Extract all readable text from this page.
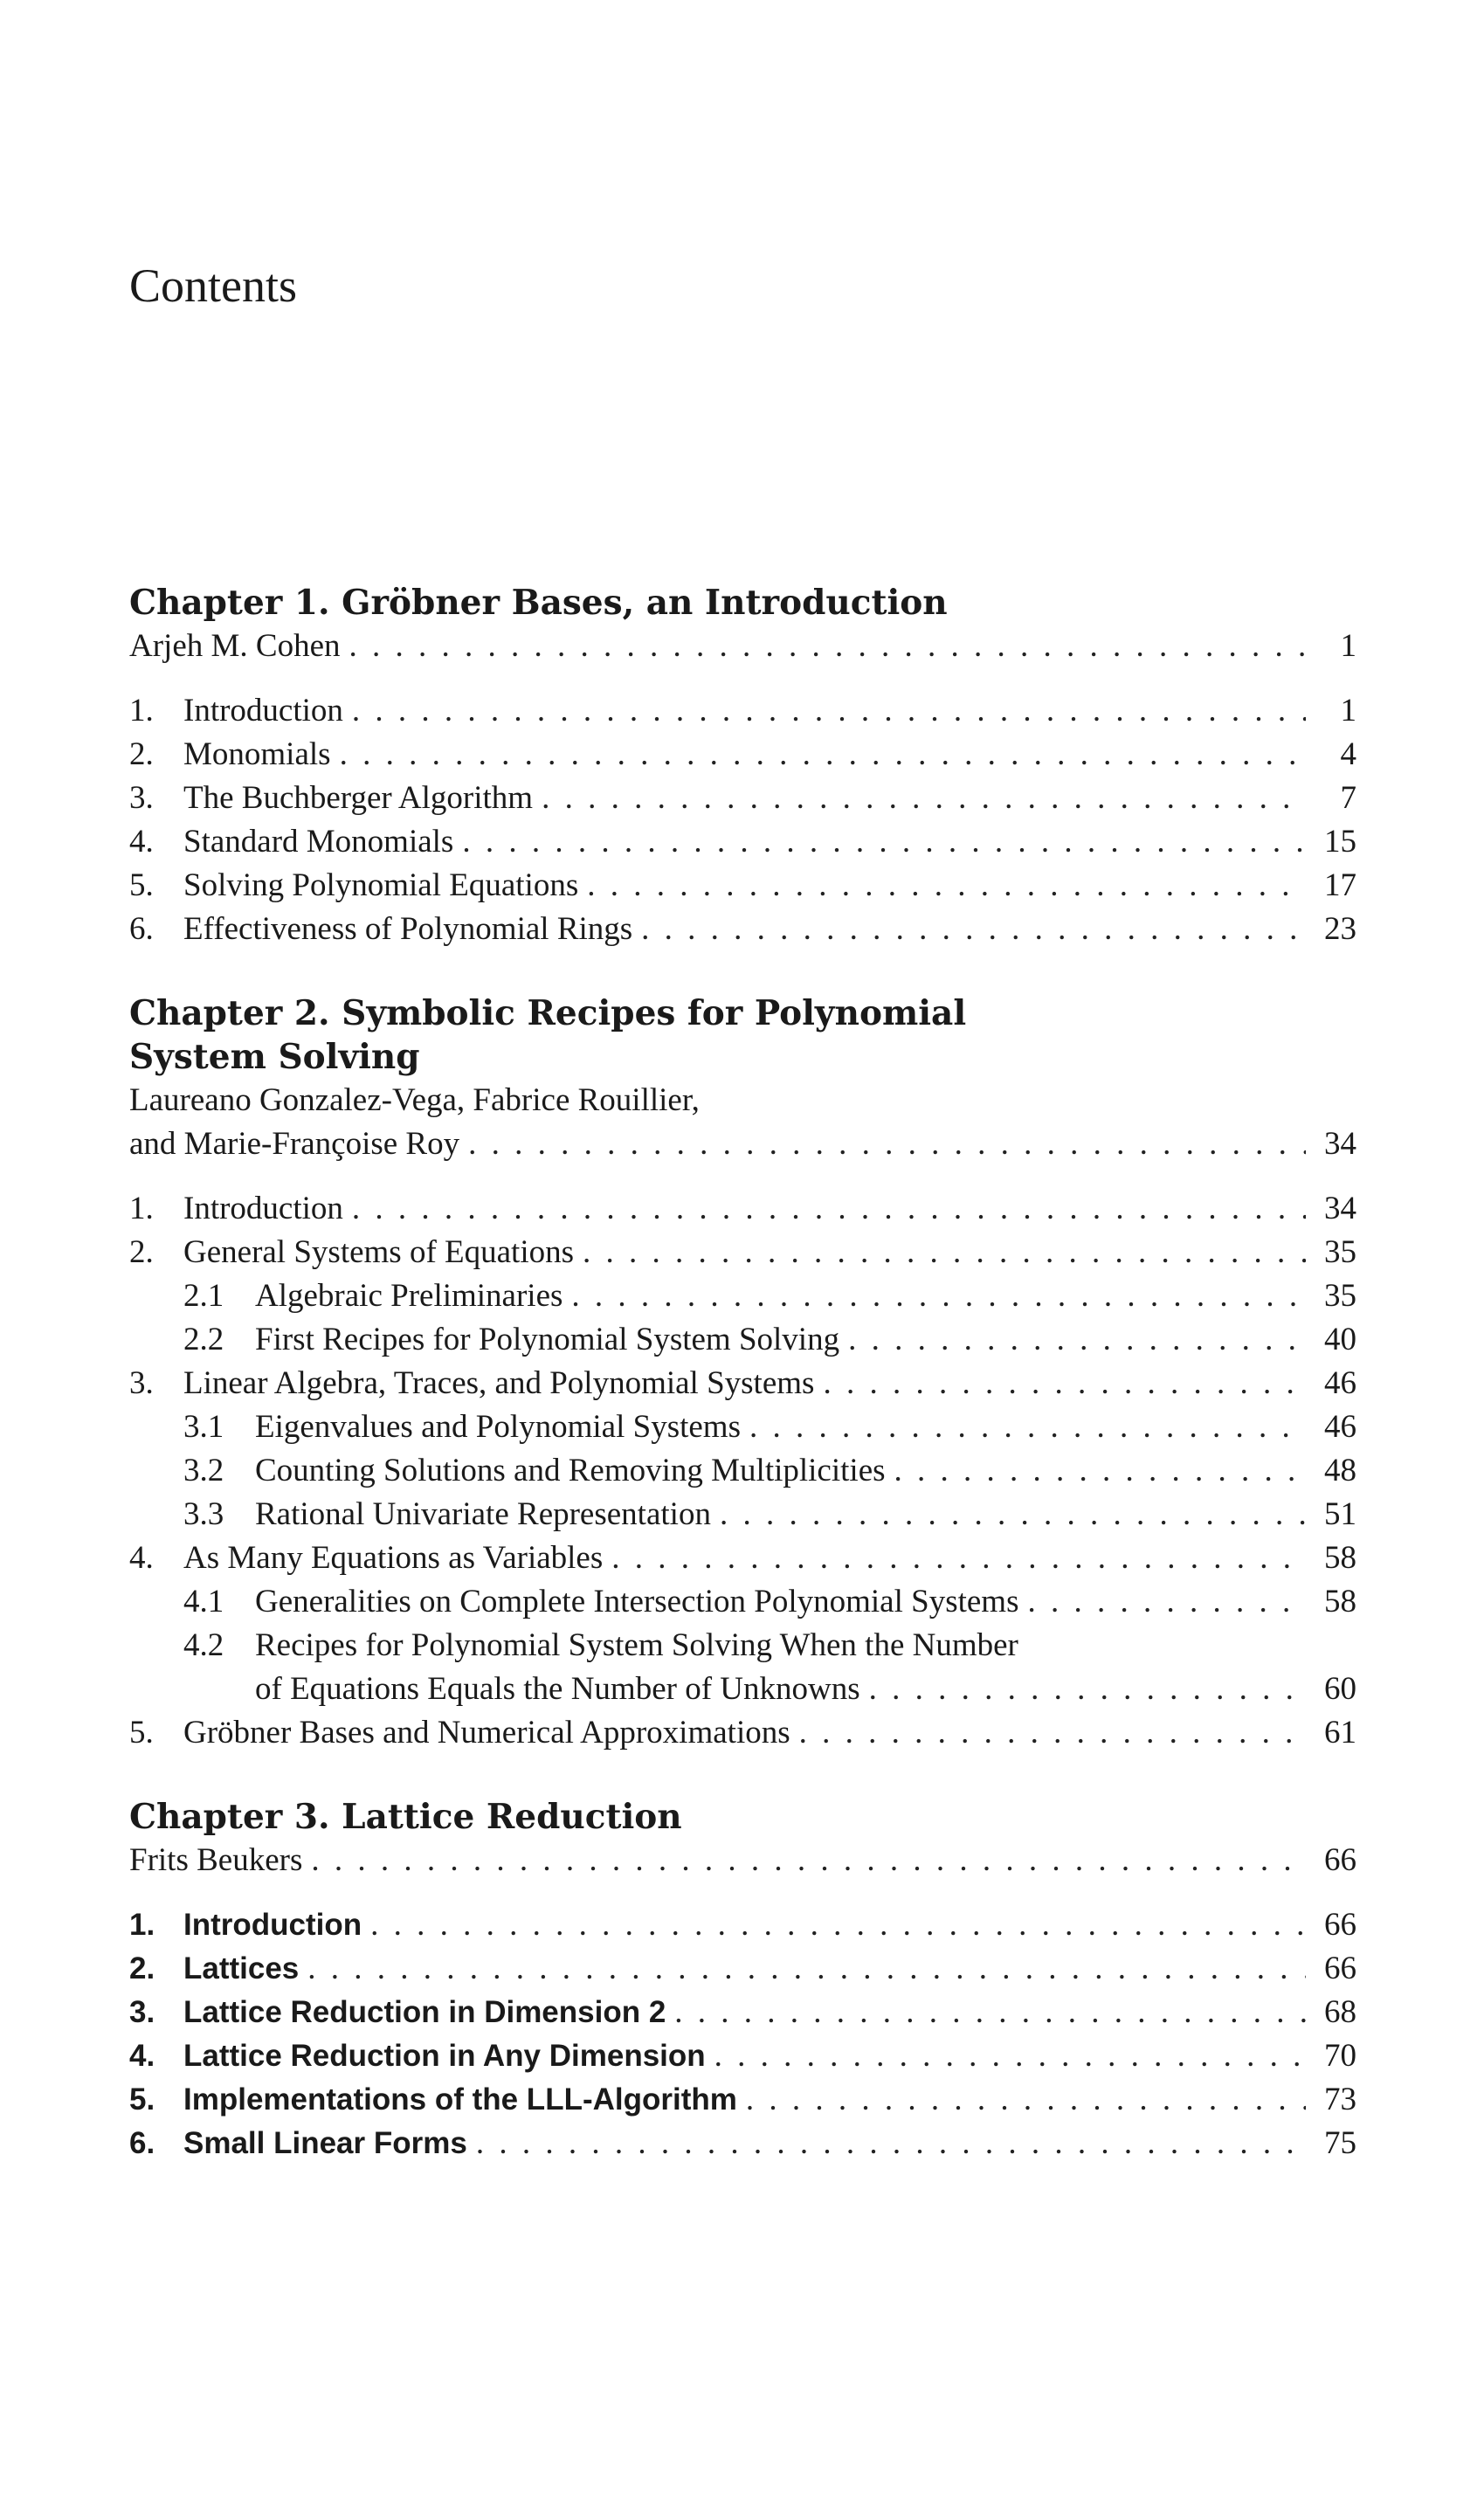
Contents
Chapter 1. Gröbner Bases, an Introduction
Arjeh M. Cohen . . .	1
1. Introduction . . .	1
2. Monomials . . .	4
3. The Buchberger Algorithm . . .	7
4. Standard Monomials . . .	15
5. Solving Polynomial Equations . . .	17
6. Effectiveness of Polynomial Rings . . .	23
Chapter 2. Symbolic Recipes for Polynomial
System Solving
Laureano Gonzalez-Vega, Fabrice Rouillier,
and Marie-Françoise Roy . . .	34
1. Introduction . . .	34
2. General Systems of Equations . . .	35
2.1 Algebraic Preliminaries . . .	35
2.2 First Recipes for Polynomial System Solving . . .	40
3. Linear Algebra, Traces, and Polynomial Systems . . .	46
3.1 Eigenvalues and Polynomial Systems . . .	46
3.2 Counting Solutions and Removing Multiplicities . . .	48
3.3 Rational Univariate Representation . . .	51
4. As Many Equations as Variables . . .	58
4.1 Generalities on Complete Intersection Polynomial Systems . . .	58
4.2 Recipes for Polynomial System Solving When the Number
of Equations Equals the Number of Unknowns . . .	60
5. Gröbner Bases and Numerical Approximations . . .	61
Chapter 3. Lattice Reduction
Frits Beukers . . .	66
1. Introduction . . .	66
2. Lattices . . .	66
3. Lattice Reduction in Dimension 2 . . .	68
4. Lattice Reduction in Any Dimension . . .	70
5. Implementations of the LLL-Algorithm . . .	73
6. Small Linear Forms . . .	75
